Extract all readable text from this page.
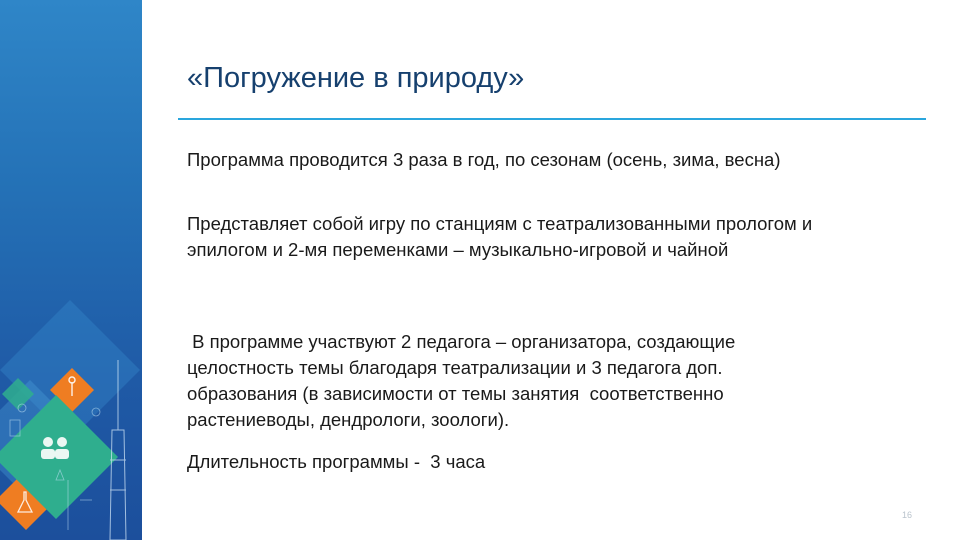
«Погружение в природу»

Программа проводится 3 раза в год, по сезонам (осень, зима, весна)

Представляет собой игру по станциям с театрализованными прологом и
эпилогом и 2-мя переменками – музыкально-игровой и чайной

В программе участвуют 2 педагога – организатора, создающие
целостность темы благодаря театрализации и 3 педагога доп.
образования (в зависимости от темы занятия  соответственно
растениеводы, дендрологи, зоологи).

Длительность программы -  3 часа

16
